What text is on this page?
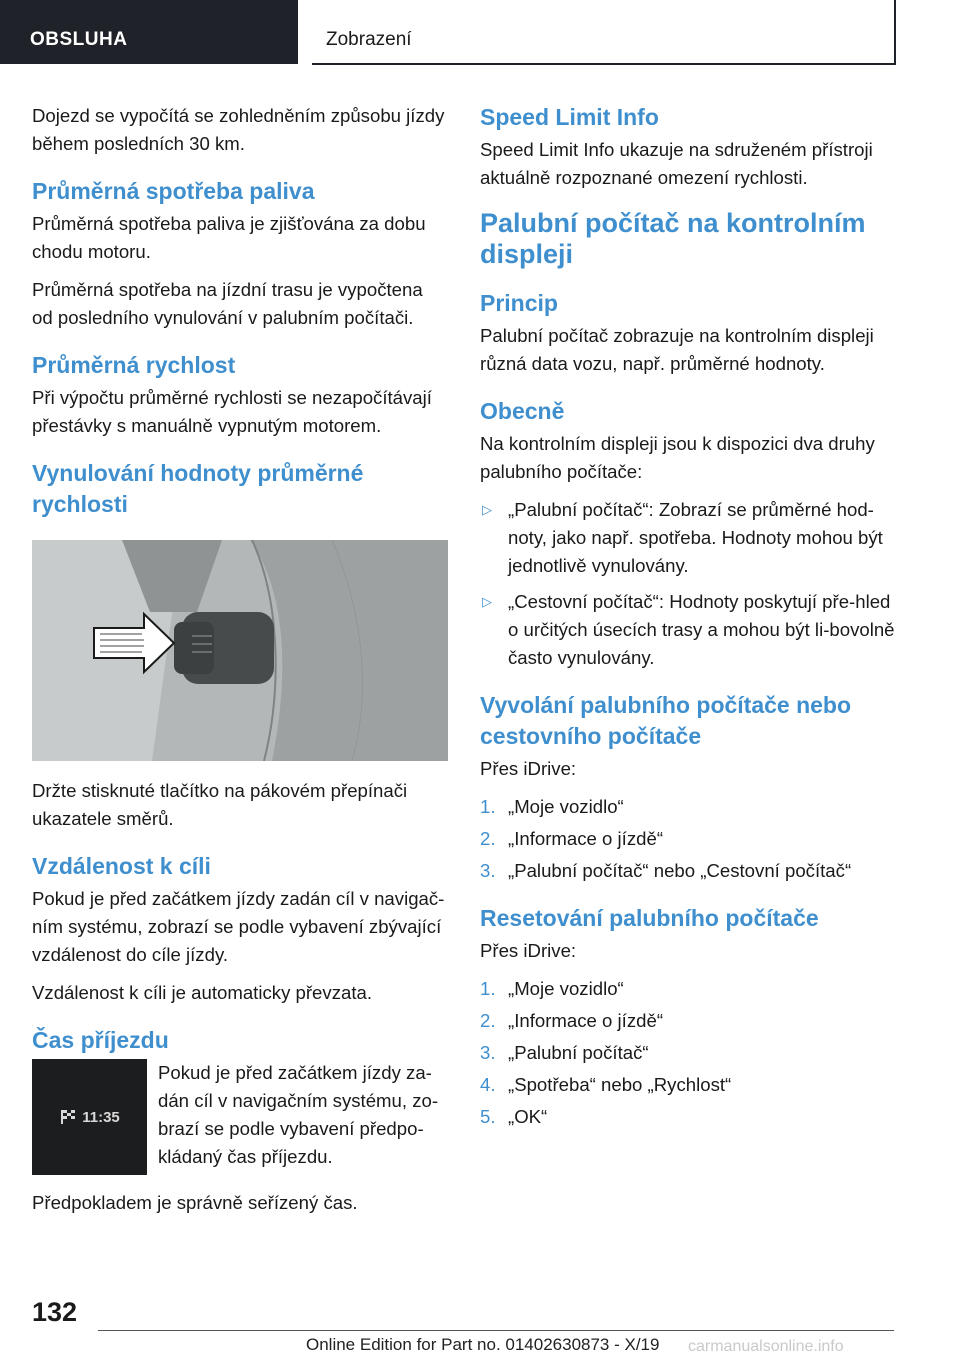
OBSLUHA	Zobrazení

Dojezd se vypočítá se zohledněním způsobu jízdy během posledních 30 km.

Průměrná spotřeba paliva

Průměrná spotřeba paliva je zjišťována za dobu chodu motoru.

Průměrná spotřeba na jízdní trasu je vypočtena od posledního vynulování v palubním počítači.

Průměrná rychlost

Při výpočtu průměrné rychlosti se nezapočítávají přestávky s manuálně vypnutým motorem.

Vynulování hodnoty průměrné rychlosti

Držte stisknuté tlačítko na pákovém přepínači ukazatele směrů.

Vzdálenost k cíli

Pokud je před začátkem jízdy zadán cíl v navigač-ním systému, zobrazí se podle vybavení zbývající vzdálenost do cíle jízdy.

Vzdálenost k cíli je automaticky převzata.

Čas příjezdu
11:35

Pokud je před začátkem jízdy za-dán cíl v navigačním systému, zo-brazí se podle vybavení předpo-kládaný čas příjezdu.

Předpokladem je správně seřízený čas.

Speed Limit Info

Speed Limit Info ukazuje na sdruženém přístroji aktuálně rozpoznané omezení rychlosti.

Palubní počítač na kontrolním displeji
Princip

Palubní počítač zobrazuje na kontrolním displeji různá data vozu, např. průměrné hodnoty.

Obecně

Na kontrolním displeji jsou k dispozici dva druhy palubního počítače:

▷ „Palubní počítač“: Zobrazí se průměrné hod-noty, jako např. spotřeba. Hodnoty mohou být jednotlivě vynulovány.
▷ „Cestovní počítač“: Hodnoty poskytují pře-hled o určitých úsecích trasy a mohou být li-bovolně často vynulovány.
Vyvolání palubního počítače nebo cestovního počítače

Přes iDrive:

1. „Moje vozidlo“
2. „Informace o jízdě“
3. „Palubní počítač“ nebo „Cestovní počítač“
Resetování palubního počítače

Přes iDrive:

1. „Moje vozidlo“
2. „Informace o jízdě“
3. „Palubní počítač“
4. „Spotřeba“ nebo „Rychlost“
5. „OK“
132
Online Edition for Part no. 01402630873 - X/19 carmanualsonline.info
